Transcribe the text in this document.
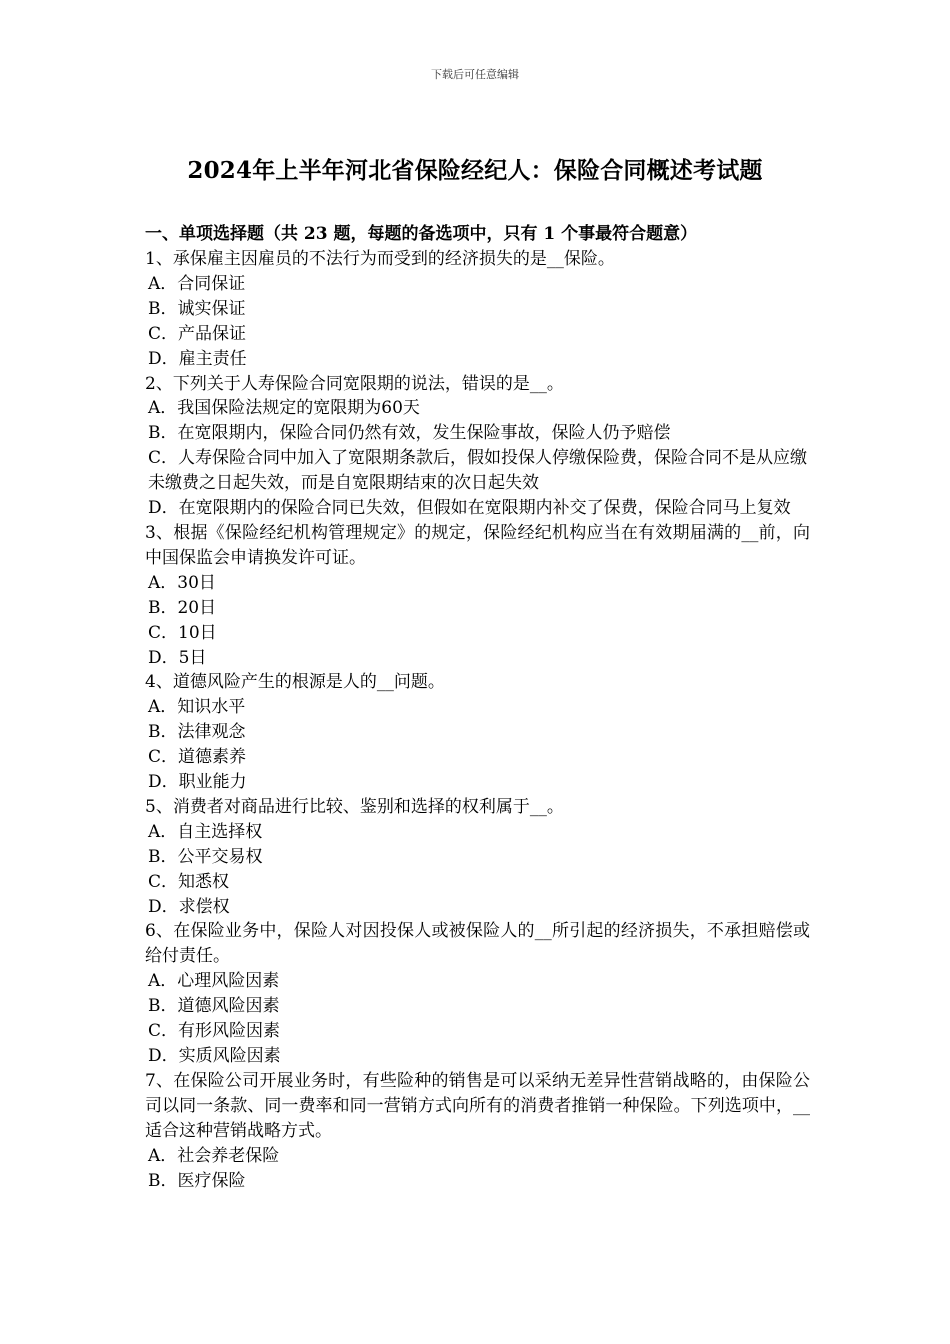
下载后可任意编辑
2024年上半年河北省保险经纪人：保险合同概述考试题
一、单项选择题（共 23 题，每题的备选项中，只有 1 个事最符合题意）
1、承保雇主因雇员的不法行为而受到的经济损失的是__保险。
A．合同保证
B．诚实保证
C．产品保证
D．雇主责任
2、下列关于人寿保险合同宽限期的说法，错误的是__。
A．我国保险法规定的宽限期为60天
B．在宽限期内，保险合同仍然有效，发生保险事故，保险人仍予赔偿
C．人寿保险合同中加入了宽限期条款后，假如投保人停缴保险费，保险合同不是从应缴未缴费之日起失效，而是自宽限期结束的次日起失效
D．在宽限期内的保险合同已失效，但假如在宽限期内补交了保费，保险合同马上复效
3、根据《保险经纪机构管理规定》的规定，保险经纪机构应当在有效期届满的__前，向中国保监会申请换发许可证。
A．30日
B．20日
C．10日
D．5日
4、道德风险产生的根源是人的__问题。
A．知识水平
B．法律观念
C．道德素养
D．职业能力
5、消费者对商品进行比较、鉴别和选择的权利属于__。
A．自主选择权
B．公平交易权
C．知悉权
D．求偿权
6、在保险业务中，保险人对因投保人或被保险人的__所引起的经济损失，不承担赔偿或给付责任。
A．心理风险因素
B．道德风险因素
C．有形风险因素
D．实质风险因素
7、在保险公司开展业务时，有些险种的销售是可以采纳无差异性营销战略的，由保险公司以同一条款、同一费率和同一营销方式向所有的消费者推销一种保险。下列选项中，__适合这种营销战略方式。
A．社会养老保险
B．医疗保险
